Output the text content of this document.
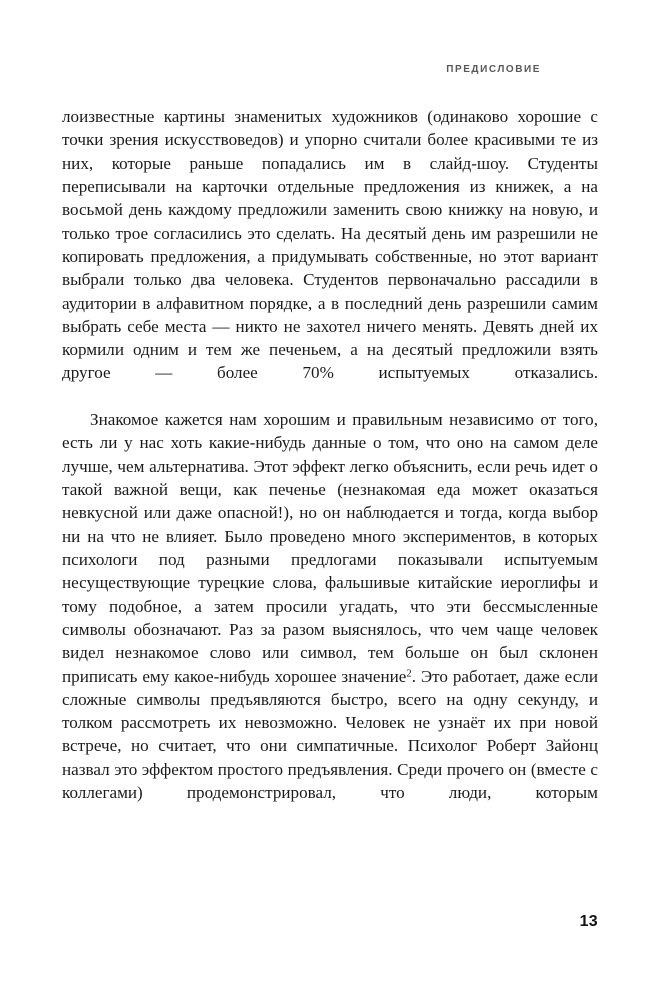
ПРЕДИСЛОВИЕ

лоизвестные картины знаменитых художников (одинаково хорошие с точки зрения искусствоведов) и упорно считали более красивыми те из них, которые раньше попадались им в слайд-шоу. Студенты переписывали на карточки отдельные предложения из книжек, а на восьмой день каждому предложили заменить свою книжку на новую, и только трое согласились это сделать. На десятый день им разрешили не копировать предложения, а придумывать собственные, но этот вариант выбрали только два человека. Студентов первоначально рассадили в аудитории в алфавитном порядке, а в последний день разрешили самим выбрать себе места — никто не захотел ничего менять. Девять дней их кормили одним и тем же печеньем, а на десятый предложили взять другое — более 70% испытуемых отказались.

Знакомое кажется нам хорошим и правильным независимо от того, есть ли у нас хоть какие-нибудь данные о том, что оно на самом деле лучше, чем альтернатива. Этот эффект легко объяснить, если речь идет о такой важной вещи, как печенье (незнакомая еда может оказаться невкусной или даже опасной!), но он наблюдается и тогда, когда выбор ни на что не влияет. Было проведено много экспериментов, в которых психологи под разными предлогами показывали испытуемым несуществующие турецкие слова, фальшивые китайские иероглифы и тому подобное, а затем просили угадать, что эти бессмысленные символы обозначают. Раз за разом выяснялось, что чем чаще человек видел незнакомое слово или символ, тем больше он был склонен приписать ему какое-нибудь хорошее значение$^2$. Это работает, даже если сложные символы предъявляются быстро, всего на одну секунду, и толком рассмотреть их невозможно. Человек не узнаёт их при новой встрече, но считает, что они симпатичные. Психолог Роберт Зайонц назвал это эффектом простого предъявления. Среди прочего он (вместе с коллегами) продемонстрировал, что люди, которым

13
